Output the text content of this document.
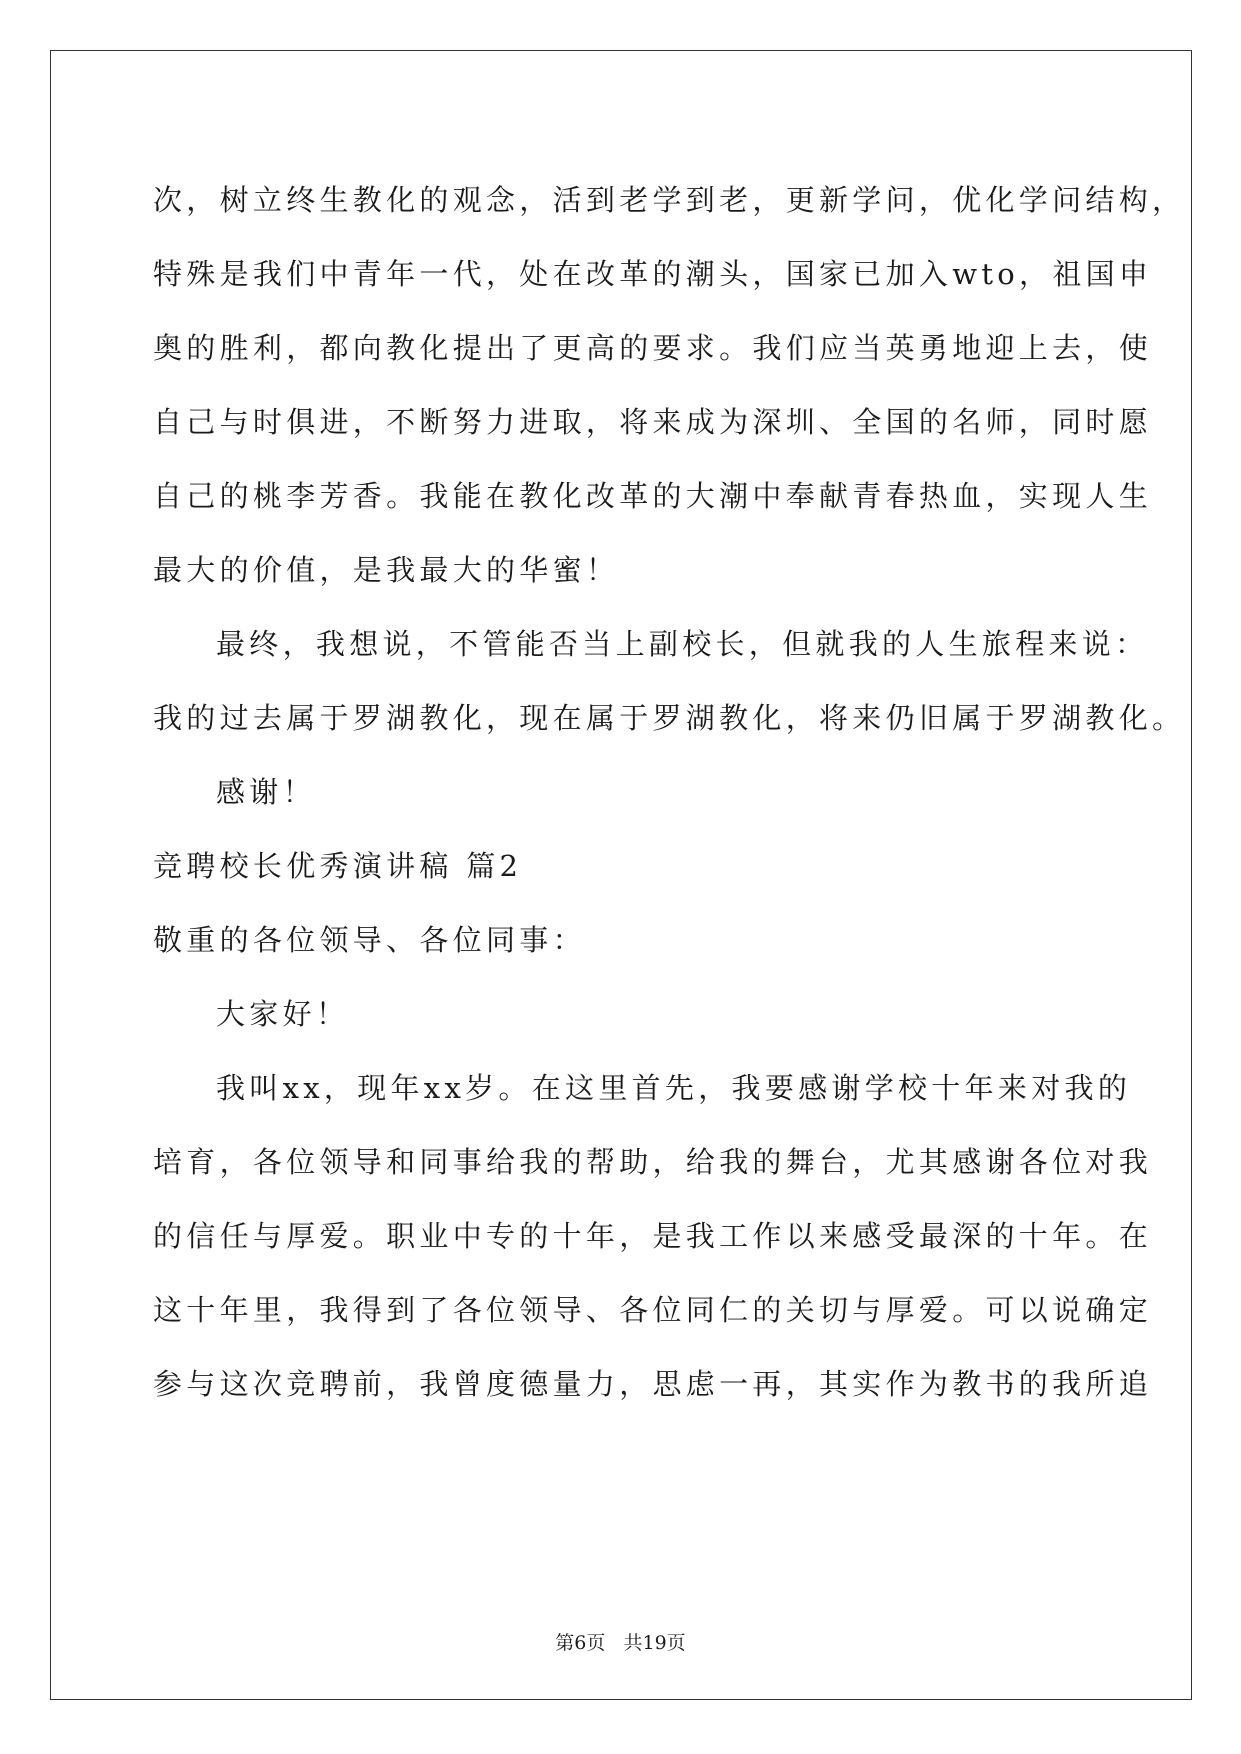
次，树立终生教化的观念，活到老学到老，更新学问，优化学问结构，
特殊是我们中青年一代，处在改革的潮头，国家已加入wto，祖国申
奥的胜利，都向教化提出了更高的要求。我们应当英勇地迎上去，使
自己与时俱进，不断努力进取，将来成为深圳、全国的名师，同时愿
自己的桃李芳香。我能在教化改革的大潮中奉献青春热血，实现人生
最大的价值，是我最大的华蜜！
最终，我想说，不管能否当上副校长，但就我的人生旅程来说：
我的过去属于罗湖教化，现在属于罗湖教化，将来仍旧属于罗湖教化。
感谢！
竞聘校长优秀演讲稿 篇2
敬重的各位领导、各位同事：
大家好！
我叫xx，现年xx岁。在这里首先，我要感谢学校十年来对我的
培育，各位领导和同事给我的帮助，给我的舞台，尤其感谢各位对我
的信任与厚爱。职业中专的十年，是我工作以来感受最深的十年。在
这十年里，我得到了各位领导、各位同仁的关切与厚爱。可以说确定
参与这次竞聘前，我曾度德量力，思虑一再，其实作为教书的我所追
第6页   共19页
